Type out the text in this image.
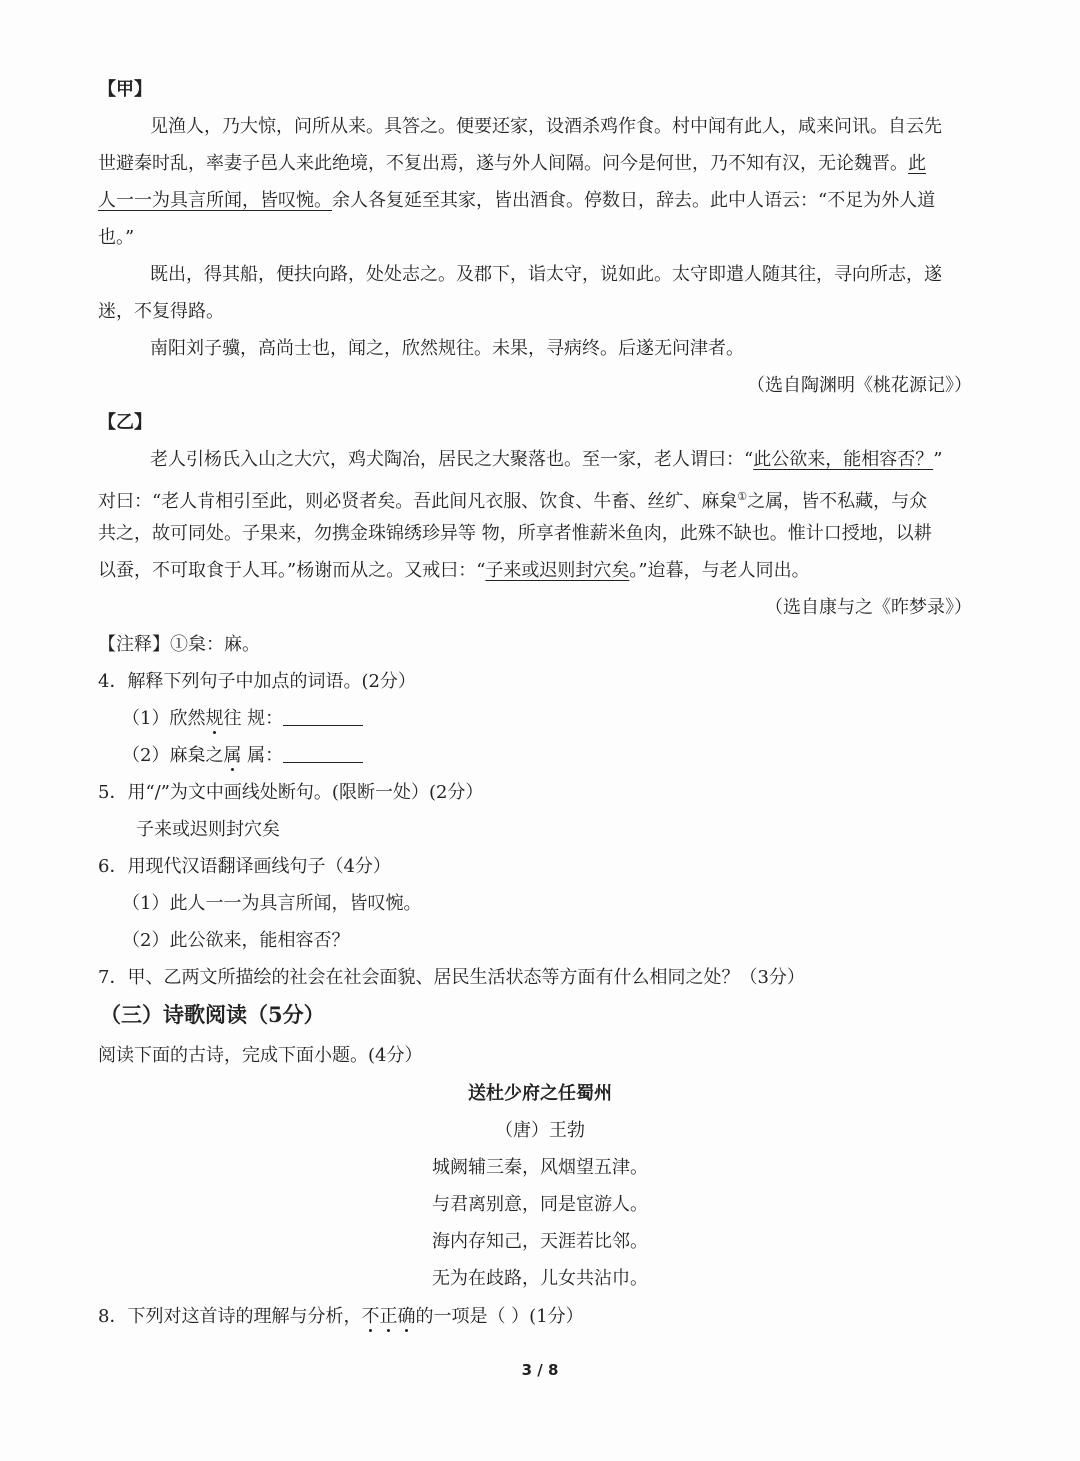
【甲】
见渔人，乃大惊，问所从来。具答之。便要还家，设酒杀鸡作食。村中闻有此人，咸来问讯。自云先
世避秦时乱，率妻子邑人来此绝境，不复出焉，遂与外人间隔。问今是何世，乃不知有汉，无论魏晋。此
人一一为具言所闻，皆叹惋。余人各复延至其家，皆出酒食。停数日，辞去。此中人语云：“不足为外人道
也。”
既出，得其船，便扶向路，处处志之。及郡下，诣太守，说如此。太守即遣人随其往，寻向所志，遂
迷，不复得路。
南阳刘子骥，高尚士也，闻之，欣然规往。未果，寻病终。后遂无问津者。
（选自陶渊明《桃花源记》）
【乙】
老人引杨氏入山之大穴，鸡犬陶冶，居民之大聚落也。至一家，老人谓曰：“此公欲来，能相容否？”
对曰：“老人肯相引至此，则必贤者矣。吾此间凡衣服、饮食、牛畜、丝纩、麻枲①之属，皆不私藏，与众
共之，故可同处。子果来，勿携金珠锦绣珍异等 物，所享者惟薪米鱼肉，此殊不缺也。惟计口授地，以耕
以蚕，不可取食于人耳。”杨谢而从之。又戒曰：“子来或迟则封穴矣。”迨暮，与老人同出。
（选自康与之《昨梦录》）
【注释】①枲：麻。
4．解释下列句子中加点的词语。(2分）
（1）欣然规往 规：
（2）麻枲之属 属：
5．用“/”为文中画线处断句。(限断一处）(2分）
子来或迟则封穴矣
6．用现代汉语翻译画线句子（4分）
（1）此人一一为具言所闻，皆叹惋。
（2）此公欲来，能相容否？
7．甲、乙两文所描绘的社会在社会面貌、居民生活状态等方面有什么相同之处？（3分）
（三）诗歌阅读（5分）
阅读下面的古诗，完成下面小题。(4分）
送杜少府之任蜀州
（唐）王勃
城阙辅三秦，风烟望五津。
与君离别意，同是宦游人。
海内存知己，天涯若比邻。
无为在歧路，儿女共沾巾。
8．下列对这首诗的理解与分析，不正确的一项是（ ）(1分）
3 / 8
